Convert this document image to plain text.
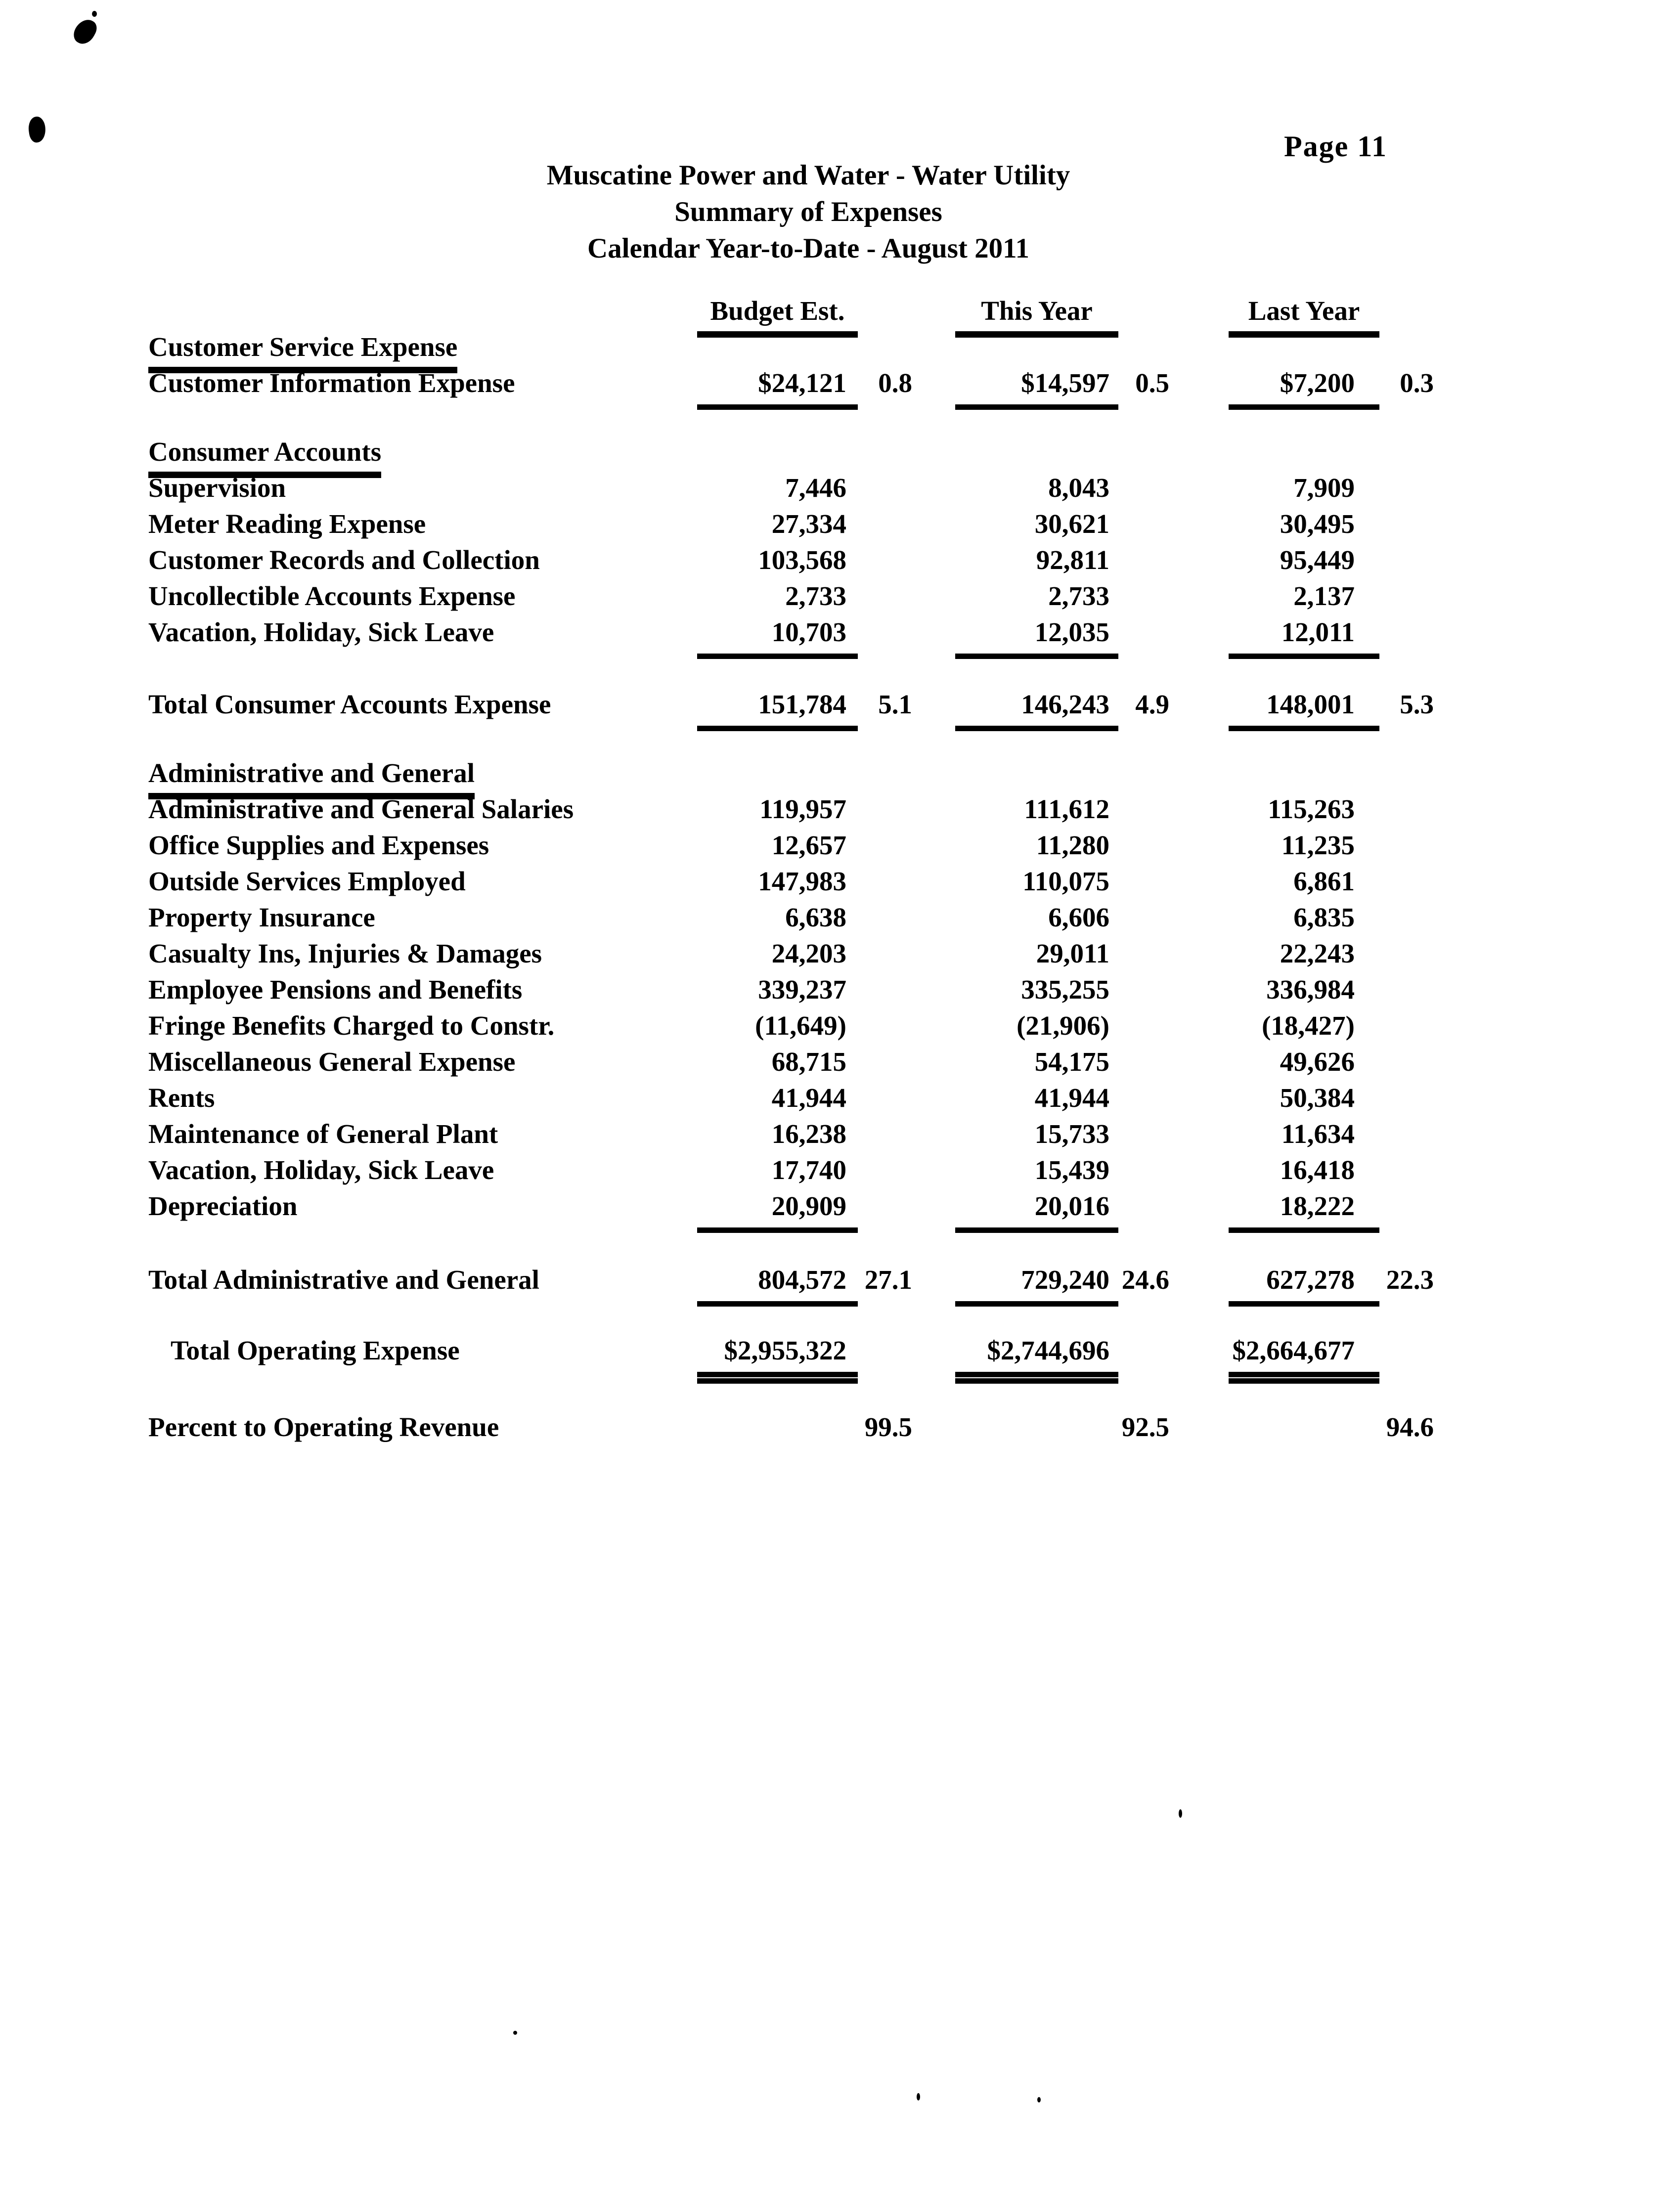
Page 11
Muscatine Power and Water - Water Utility
Summary of Expenses
Calendar Year-to-Date - August 2011
Budget Est.	This Year	Last Year
Customer Service Expense
Customer Information Expense	$24,121	0.8	$14,597 0.5	$7,200	0.3
Consumer Accounts
Supervision	7,446	8,043	7,909
Meter Reading Expense	27,334	30,621	30,495
Customer Records and Collection	103,568	92,811	95,449
Uncollectible Accounts Expense	2,733	2,733	2,137
Vacation, Holiday, Sick Leave	10,703	12,035	12,011
Total Consumer Accounts Expense	151,784	5.1	146,243 4.9	148,001	5.3
Administrative and General
Administrative and General Salaries	119,957	111,612	115,263
Office Supplies and Expenses	12,657	11,280	11,235
Outside Services Employed	147,983	110,075	6,861
Property Insurance	6,638	6,606	6,835
Casualty Ins, Injuries & Damages	24,203	29,011	22,243
Employee Pensions and Benefits	339,237	335,255	336,984
Fringe Benefits Charged to Constr.	(11,649)	(21,906)	(18,427)
Miscellaneous General Expense	68,715	54,175	49,626
Rents	41,944	41,944	50,384
Maintenance of General Plant	16,238	15,733	11,634
Vacation, Holiday, Sick Leave	17,740	15,439	16,418
Depreciation	20,909	20,016	18,222
Total Administrative and General	804,572 27.1	729,240 24.6	627,278	22.3
Total Operating Expense	$2,955,322	$2,744,696	$2,664,677
Percent to Operating Revenue	99.5	92.5	94.6
